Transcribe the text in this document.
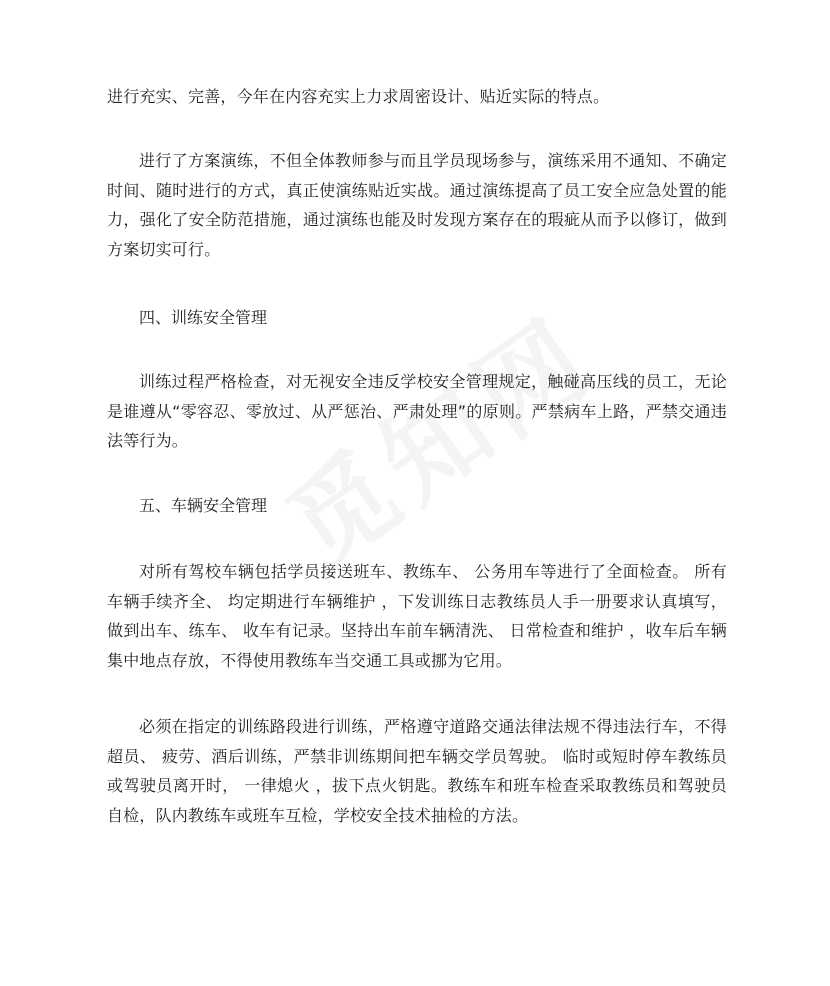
进行充实、完善，今年在内容充实上力求周密设计、贴近实际的特点。

进行了方案演练，不但全体教师参与而且学员现场参与，演练采用不通知、不确定时间、随时进行的方式，真正使演练贴近实战。通过演练提高了员工安全应急处置的能力，强化了安全防范措施，通过演练也能及时发现方案存在的瑕疵从而予以修订，做到方案切实可行。

四、训练安全管理

训练过程严格检查，对无视安全违反学校安全管理规定，触碰高压线的员工，无论是谁遵从“零容忍、零放过、从严惩治、严肃处理”的原则。严禁病车上路，严禁交通违法等行为。

五、车辆安全管理

对所有驾校车辆包括学员接送班车、教练车、 公务用车等进行了全面检查。 所有车辆手续齐全、 均定期进行车辆维护 ，下发训练日志教练员人手一册要求认真填写，做到出车、练车、 收车有记录。坚持出车前车辆清洗、 日常检查和维护 ，收车后车辆集中地点存放，不得使用教练车当交通工具或挪为它用。

必须在指定的训练路段进行训练，严格遵守道路交通法律法规不得违法行车，不得超员、 疲劳、酒后训练，严禁非训练期间把车辆交学员驾驶。 临时或短时停车教练员或驾驶员离开时， 一律熄火 ，拔下点火钥匙。教练车和班车检查采取教练员和驾驶员自检，队内教练车或班车互检，学校安全技术抽检的方法。
